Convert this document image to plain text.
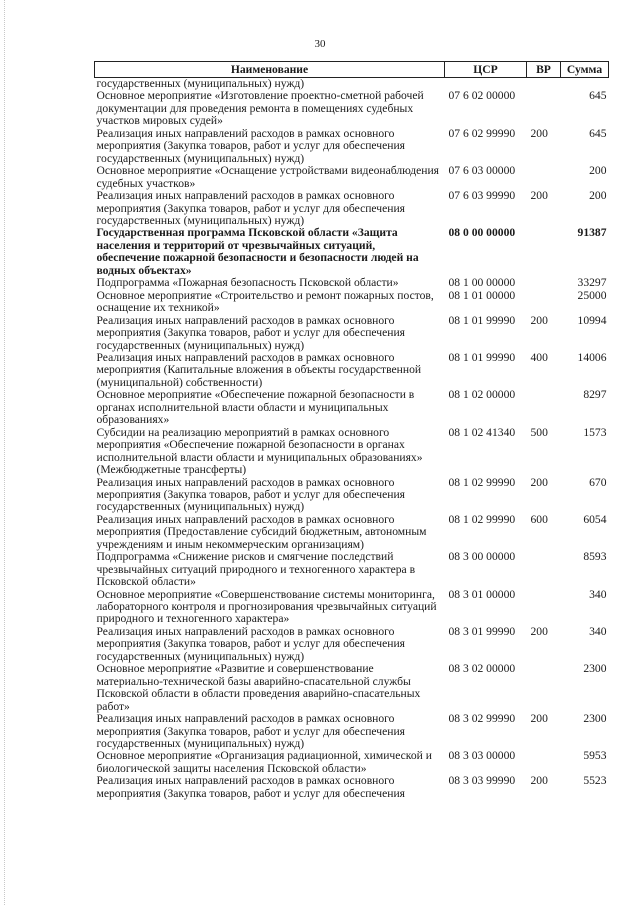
30
Наименование	ЦСР	ВР	Сумма
государственных (муниципальных) нужд)			
Основное мероприятие «Изготовление проектно-сметной рабочей документации для проведения ремонта в помещениях судебных участков мировых судей»	07 6 02 00000		645
Реализация иных направлений расходов в рамках основного мероприятия (Закупка товаров, работ и услуг для обеспечения государственных (муниципальных) нужд)	07 6 02 99990	200	645
Основное мероприятие «Оснащение устройствами видеонаблюдения судебных участков»	07 6 03 00000		200
Реализация иных направлений расходов в рамках основного мероприятия (Закупка товаров, работ и услуг для обеспечения государственных (муниципальных) нужд)	07 6 03 99990	200	200
Государственная программа Псковской области «Защита населения и территорий от чрезвычайных ситуаций, обеспечение пожарной безопасности и безопасности людей на водных объектах»	08 0 00 00000		91387
Подпрограмма «Пожарная безопасность Псковской области»	08 1 00 00000		33297
Основное мероприятие «Строительство и ремонт пожарных постов, оснащение их техникой»	08 1 01 00000		25000
Реализация иных направлений расходов в рамках основного мероприятия (Закупка товаров, работ и услуг для обеспечения государственных (муниципальных) нужд)	08 1 01 99990	200	10994
Реализация иных направлений расходов в рамках основного мероприятия (Капитальные вложения в объекты государственной (муниципальной) собственности)	08 1 01 99990	400	14006
Основное мероприятие «Обеспечение пожарной безопасности в органах исполнительной власти области и муниципальных образованиях»	08 1 02 00000		8297
Субсидии на реализацию мероприятий в рамках основного мероприятия «Обеспечение пожарной безопасности в органах исполнительной власти области и муниципальных образованиях» (Межбюджетные трансферты)	08 1 02 41340	500	1573
Реализация иных направлений расходов в рамках основного мероприятия (Закупка товаров, работ и услуг для обеспечения государственных (муниципальных) нужд)	08 1 02 99990	200	670
Реализация иных направлений расходов в рамках основного мероприятия (Предоставление субсидий бюджетным, автономным учреждениям и иным некоммерческим организациям)	08 1 02 99990	600	6054
Подпрограмма «Снижение рисков и смягчение последствий чрезвычайных ситуаций природного и техногенного характера в Псковской области»	08 3 00 00000		8593
Основное мероприятие «Совершенствование системы мониторинга, лабораторного контроля и прогнозирования чрезвычайных ситуаций природного и техногенного характера»	08 3 01 00000		340
Реализация иных направлений расходов в рамках основного мероприятия (Закупка товаров, работ и услуг для обеспечения государственных (муниципальных) нужд)	08 3 01 99990	200	340
Основное мероприятие «Развитие и совершенствование материально-технической базы аварийно-спасательной службы Псковской области в области проведения аварийно-спасательных работ»	08 3 02 00000		2300
Реализация иных направлений расходов в рамках основного мероприятия (Закупка товаров, работ и услуг для обеспечения государственных (муниципальных) нужд)	08 3 02 99990	200	2300
Основное мероприятие «Организация радиационной, химической и биологической защиты населения Псковской области»	08 3 03 00000		5953
Реализация иных направлений расходов в рамках основного мероприятия (Закупка товаров, работ и услуг для обеспечения	08 3 03 99990	200	5523
